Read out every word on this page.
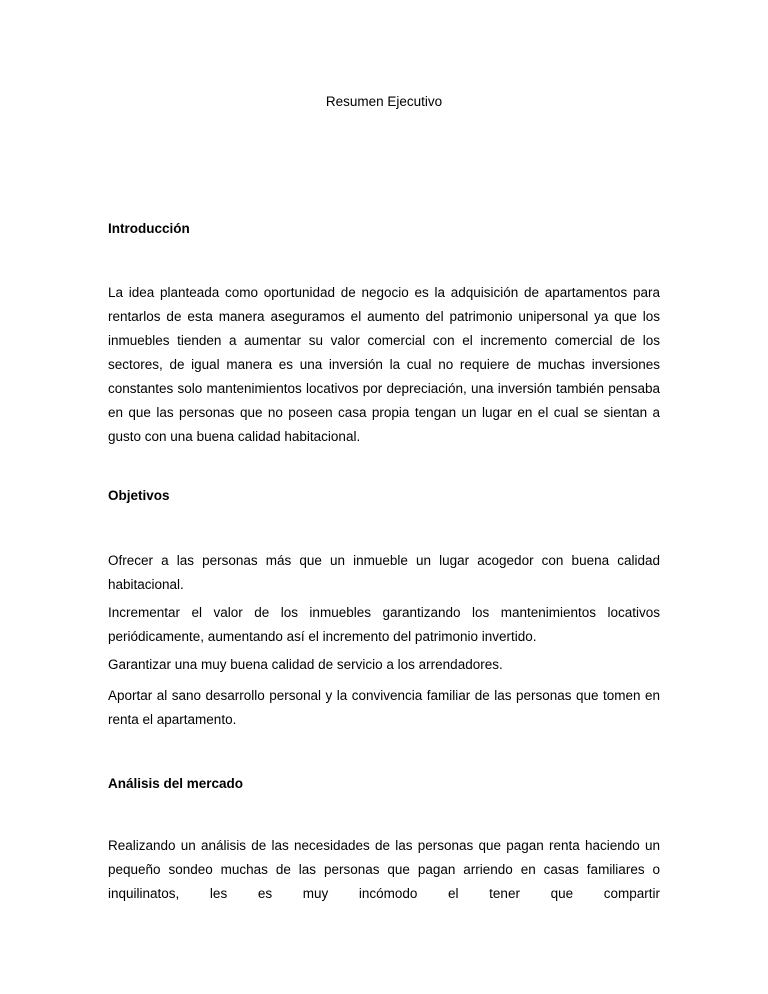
Resumen Ejecutivo
Introducción

La idea planteada como oportunidad de negocio es la adquisición de apartamentos para rentarlos de esta manera aseguramos el aumento del patrimonio unipersonal ya que los inmuebles tienden a aumentar su valor comercial con el incremento comercial de los sectores, de igual manera es una inversión la cual no requiere de muchas inversiones constantes solo mantenimientos locativos por depreciación, una inversión también pensaba en que las personas que no poseen casa propia tengan un lugar en el cual se sientan a gusto con una buena calidad habitacional.

Objetivos

Ofrecer a las personas más que un inmueble un lugar acogedor con buena calidad habitacional.

Incrementar el valor de los inmuebles garantizando los mantenimientos locativos periódicamente, aumentando así el incremento del patrimonio invertido.

Garantizar una muy buena calidad de servicio a los arrendadores.

Aportar al sano desarrollo personal y la convivencia familiar de las personas que tomen en renta el apartamento.

Análisis del mercado

Realizando un análisis de las necesidades de las personas que pagan renta haciendo un pequeño sondeo muchas de las personas que pagan arriendo en casas familiares o inquilinatos, les es muy incómodo el tener que compartir
